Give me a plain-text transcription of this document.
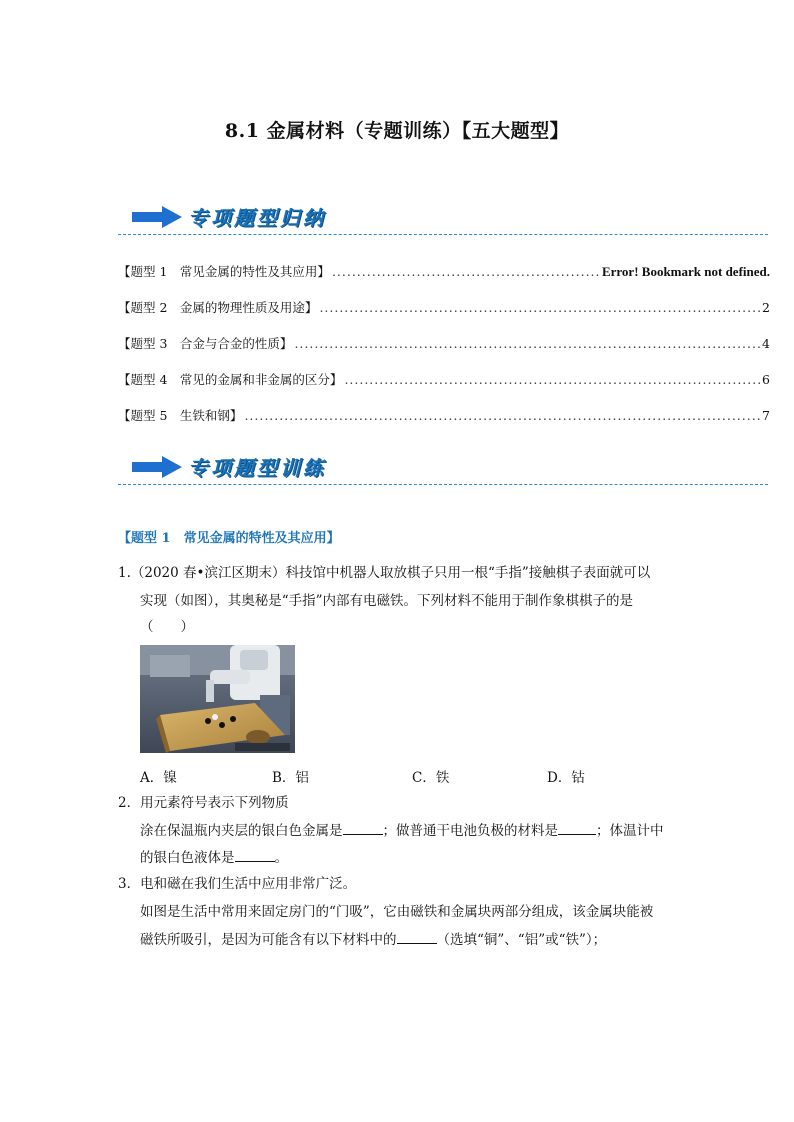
8.1 金属材料（专题训练）【五大题型】
专项题型归纳
【题型 1　常见金属的特性及其应用】 .....	Error! Bookmark not defined.
【题型 2　金属的物理性质及用途】 .....	2
【题型 3　合金与合金的性质】 .....	4
【题型 4　常见的金属和非金属的区分】 .....	6
【题型 5　生铁和钢】 .....	7
专项题型训练
【题型 1　常见金属的特性及其应用】
1.（2020 春•滨江区期末）科技馆中机器人取放棋子只用一根“手指”接触棋子表面就可以
实现（如图），其奥秘是“手指”内部有电磁铁。下列材料不能用于制作象棋棋子的是
（　　）
A．镍	B．铝	C．铁	D．钴
2．用元素符号表示下列物质
涂在保温瓶内夹层的银白色金属是	；做普通干电池负极的材料是	；体温计中
的银白色液体是	。
3．电和磁在我们生活中应用非常广泛。
如图是生活中常用来固定房门的“门吸”，它由磁铁和金属块两部分组成，该金属块能被
磁铁所吸引，是因为可能含有以下材料中的	（选填“铜”、“铝”或“铁”）；
